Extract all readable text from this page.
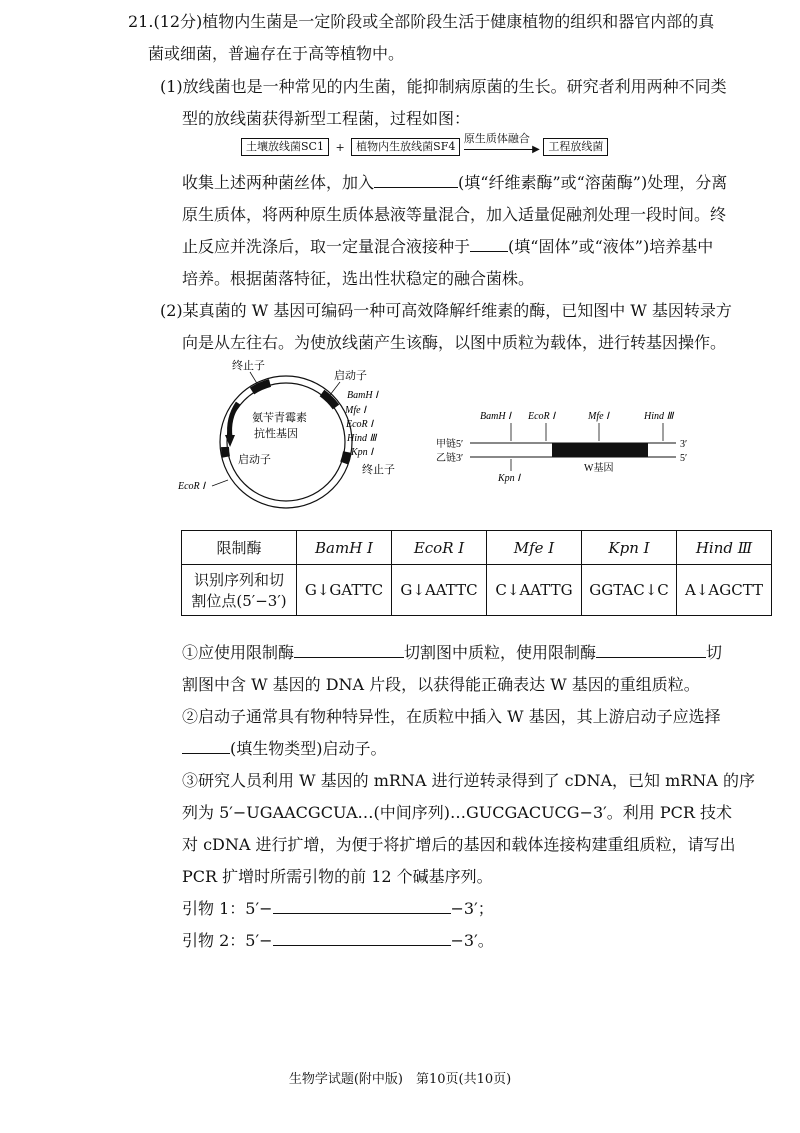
21.(12分)植物内生菌是一定阶段或全部阶段生活于健康植物的组织和器官内部的真
菌或细菌，普遍存在于高等植物中。
(1)放线菌也是一种常见的内生菌，能抑制病原菌的生长。研究者利用两种不同类
型的放线菌获得新型工程菌，过程如图：
土壤放线菌SC1 + 植物内生放线菌SF4
原生质体融合
▶ 工程放线菌
收集上述两种菌丝体，加入	(填“纤维素酶”或“溶菌酶”)处理，分离
原生质体，将两种原生质体悬液等量混合，加入适量促融剂处理一段时间。终
止反应并洗涤后，取一定量混合液接种于 (填“固体”或“液体”)培养基中
培养。根据菌落特征，选出性状稳定的融合菌株。
(2)某真菌的 W 基因可编码一种可高效降解纤维素的酶，已知图中 W 基因转录方
向是从左往右。为使放线菌产生该酶，以图中质粒为载体，进行转基因操作。
终止子
启动子
BamH Ⅰ
Mfe Ⅰ
EcoR Ⅰ
Hind Ⅲ
Kpn Ⅰ
终止子
氨苄青霉素
抗性基因
启动子
EcoR Ⅰ
BamH Ⅰ EcoR Ⅰ	Mfe Ⅰ	Hind Ⅲ
甲链5′
乙链3′
3′
5′
Kpn Ⅰ
W基因
限制酶	BamH Ⅰ	EcoR Ⅰ	Mfe Ⅰ	Kpn Ⅰ	Hind Ⅲ

识别序列和切
割位点(5′−3′)	G↓GATTC	G↓AATTC	C↓AATTG	GGTAC↓C	A↓AGCTT
①应使用限制酶	切割图中质粒，使用限制酶	切
割图中含 W 基因的 DNA 片段，以获得能正确表达 W 基因的重组质粒。
②启动子通常具有物种特异性，在质粒中插入 W 基因，其上游启动子应选择
(填生物类型)启动子。
③研究人员利用 W 基因的 mRNA 进行逆转录得到了 cDNA，已知 mRNA 的序
列为 5′−UGAACGCUA…(中间序列)…GUCGACUCG−3′。利用 PCR 技术
对 cDNA 进行扩增，为便于将扩增后的基因和载体连接构建重组质粒，请写出
PCR 扩增时所需引物的前 12 个碱基序列。
引物 1：5′−	−3′；
引物 2：5′−	−3′。
生物学试题(附中版)　第10页(共10页)
